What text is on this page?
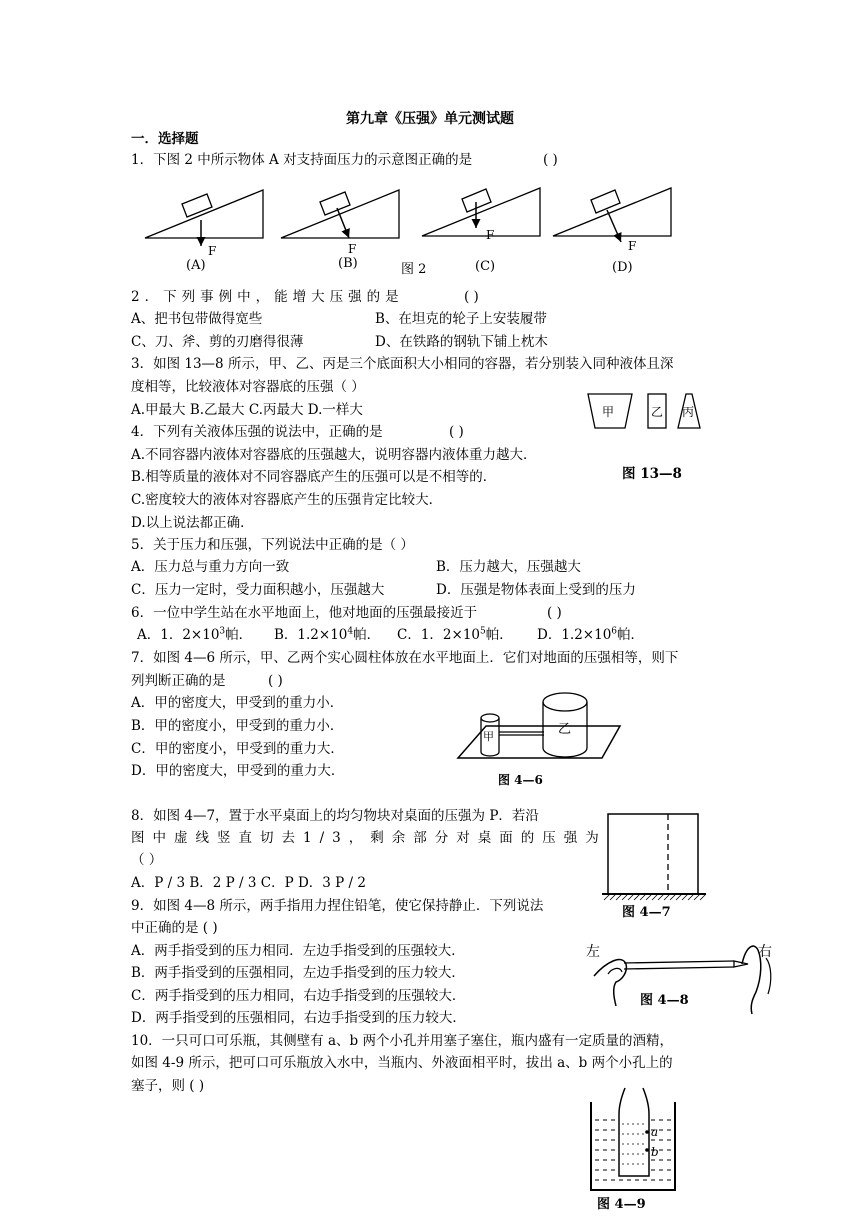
第九章《压强》单元测试题
一．选择题
1．下图 2 中所示物体 A 对支持面压力的示意图正确的是	( )
F
(A)
F
(B)	图 2
F
(C)
F
(D)
2．下列事例中，能增大压强的是	( )
A、把书包带做得宽些	B、在坦克的轮子上安装履带
C、刀、斧、剪的刃磨得很薄	D、在铁路的钢轨下铺上枕木
3．如图 13—8 所示，甲、乙、丙是三个底面积大小相同的容器，若分别装入同种液体且深
度相等，比较液体对容器底的压强（ ）
A.甲最大 B.乙最大 C.丙最大 D.一样大	甲	乙 丙
图 13—8
4．下列有关液体压强的说法中，正确的是	( )
A.不同容器内液体对容器底的压强越大，说明容器内液体重力越大．
B.相等质量的液体对不同容器底产生的压强可以是不相等的．
C.密度较大的液体对容器底产生的压强肯定比较大．
D.以上说法都正确．
5．关于压力和压强，下列说法中正确的是（ ）
A．压力总与重力方向一致	B．压力越大，压强越大
C．压力一定时，受力面积越小，压强越大	D．压强是物体表面上受到的压力
6．一位中学生站在水平地面上，他对地面的压强最接近于	( )
A．1．$2\times 10^3$帕． B．$1.2\times 10^4$帕． C．1．$2\times 10^5$帕． D．$1.2\times 10^6$帕．
7．如图 4—6 所示，甲、乙两个实心圆柱体放在水平地面上．它们对地面的压强相等，则下
列判断正确的是	( )
A．甲的密度大，甲受到的重力小．
B．甲的密度小，甲受到的重力小．
C．甲的密度小，甲受到的重力大．
D．甲的密度大，甲受到的重力大．
甲	乙
图 4—6
8．如图 4—7，置于水平桌面上的均匀物块对桌面的压强为 P．若沿
图中虚线竖直切去1/3，剩余部分对桌面的压强为
（ ）
A．P / 3 B．2 P / 3 C．P D．3 P / 2
图 4—7
9．如图 4—8 所示，两手指用力捏住铅笔，使它保持静止．下列说法
中正确的是 ( )
A．两手指受到的压力相同．左边手指受到的压强较大．
B．两手指受到的压强相同，左边手指受到的压力较大．
C．两手指受到的压力相同，右边手指受到的压强较大．
D．两手指受到的压强相同，右边手指受到的压力较大．
左	右
图 4—8
10．一只可口可乐瓶，其侧壁有 a、b 两个小孔并用塞子塞住，瓶内盛有一定质量的酒精，
如图 4-9 所示，把可口可乐瓶放入水中，当瓶内、外液面相平时，拔出 a、b 两个小孔上的
塞子，则 ( )
a
b
图 4—9
